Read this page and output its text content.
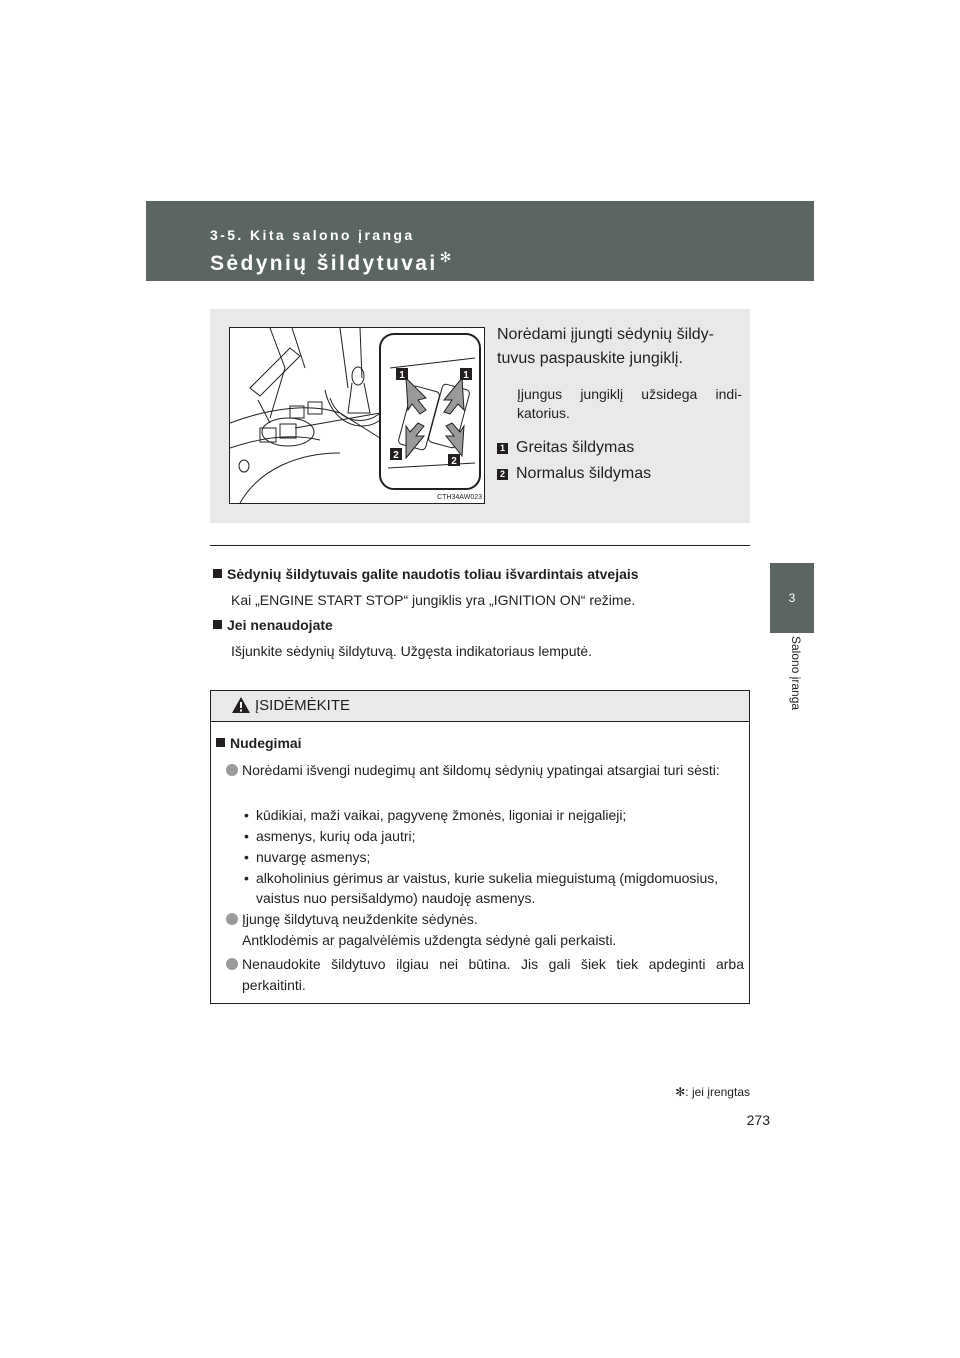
3-5. Kita salono įranga
Sėdynių šildytuvai ✻
3
Salono įranga
1	1
2
2
CTH34AW023

Norėdami įjungti sėdynių šildytuvus paspauskite jungiklį.

Įjungus jungiklį užsidega indikatorius.

1 Greitas šildymas
2 Normalus šildymas
Sėdynių šildytuvais galite naudotis toliau išvardintais atvejais
Kai „ENGINE START STOP“ jungiklis yra „IGNITION ON“ režime.
Jei nenaudojate
Išjunkite sėdynių šildytuvą. Užgęsta indikatoriaus lemputė.
ĮSIDĖMĖKITE
Nudegimai
Norėdami išvengi nudegimų ant šildomų sėdynių ypatingai atsargiai turi sėsti:
• kūdikiai, maži vaikai, pagyvenę žmonės, ligoniai ir neįgalieji;
• asmenys, kurių oda jautri;
• nuvargę asmenys;
• alkoholinius gėrimus ar vaistus, kurie sukelia mieguistumą (migdomuosius, vaistus nuo persišaldymo) naudoję asmenys.
Įjungę šildytuvą neuždenkite sėdynės.
Antklodėmis ar pagalvėlėmis uždengta sėdynė gali perkaisti.
Nenaudokite šildytuvo ilgiau nei būtina. Jis gali šiek tiek apdeginti arba perkaitinti.
✻: jei įrengtas
273
